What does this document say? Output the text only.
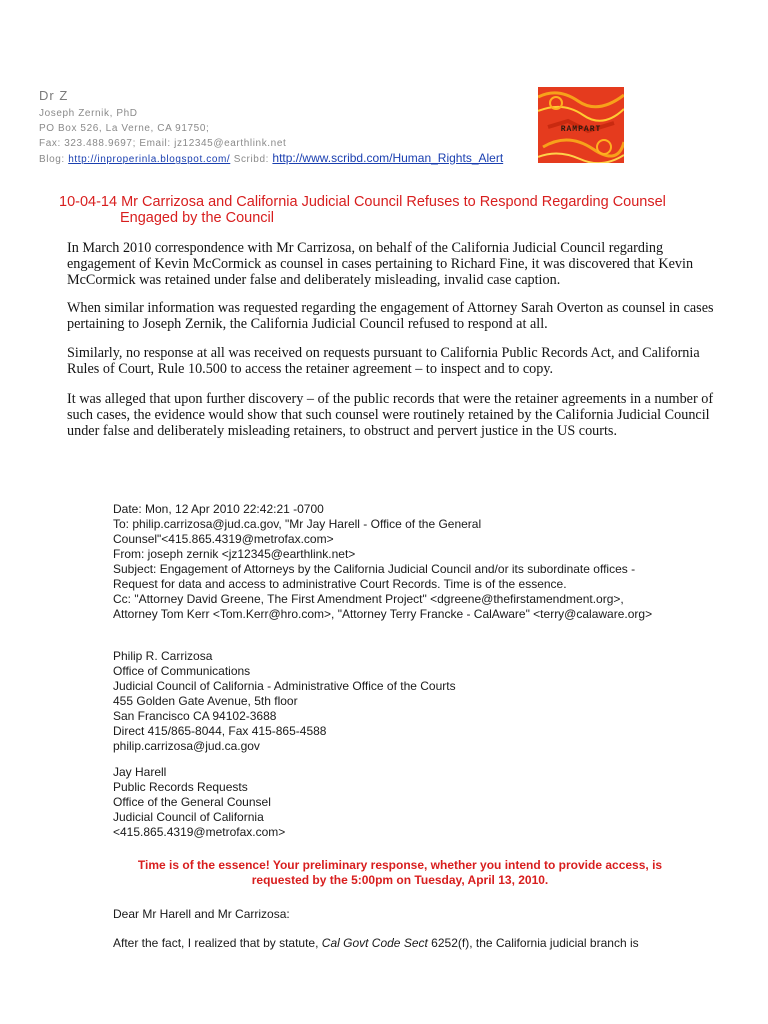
Dr Z
Joseph Zernik, PhD
PO Box 526, La Verne, CA 91750;
Fax: 323.488.9697; Email: jz12345@earthlink.net
Blog: http://inproperinla.blogspot.com/ Scribd: http://www.scribd.com/Human_Rights_Alert
RAMPART
10-04-14 Mr Carrizosa and California Judicial Council Refuses to Respond Regarding Counsel
Engaged by the Council
In March 2010 correspondence with Mr Carrizosa, on behalf of the California Judicial Council regarding engagement of Kevin McCormick as counsel in cases pertaining to Richard Fine, it was discovered that Kevin McCormick was retained under false and deliberately misleading, invalid case caption.
When similar information was requested regarding the engagement of Attorney Sarah Overton as counsel in cases pertaining to Joseph Zernik, the California Judicial Council refused to respond at all.
Similarly, no response at all was received on requests pursuant to California Public Records Act, and California Rules of Court, Rule 10.500 to access the retainer agreement – to inspect and to copy.
It was alleged that upon further discovery – of the public records that were the retainer agreements in a number of such cases, the evidence would show that such counsel were routinely retained by the California Judicial Council under false and deliberately misleading retainers, to obstruct and pervert justice in the US courts.
Date: Mon, 12 Apr 2010 22:42:21 -0700
To: philip.carrizosa@jud.ca.gov, "Mr Jay Harell - Office of the General
Counsel"<415.865.4319@metrofax.com>
From: joseph zernik <jz12345@earthlink.net>
Subject: Engagement of Attorneys by the California Judicial Council and/or its subordinate offices -
Request for data and access to administrative Court Records. Time is of the essence.
Cc: "Attorney David Greene, The First Amendment Project" <dgreene@thefirstamendment.org>,
Attorney Tom Kerr <Tom.Kerr@hro.com>, "Attorney Terry Francke - CalAware" <terry@calaware.org>
Philip R. Carrizosa
Office of Communications
Judicial Council of California - Administrative Office of the Courts
455 Golden Gate Avenue, 5th floor
San Francisco CA 94102-3688
Direct 415/865-8044, Fax 415-865-4588
philip.carrizosa@jud.ca.gov
Jay Harell
Public Records Requests
Office of the General Counsel
Judicial Council of California
<415.865.4319@metrofax.com>
Time is of the essence! Your preliminary response, whether you intend to provide access, is
requested by the 5:00pm on Tuesday, April 13, 2010.
Dear Mr Harell and Mr Carrizosa:
After the fact, I realized that by statute, Cal Govt Code Sect 6252(f), the California judicial branch is
